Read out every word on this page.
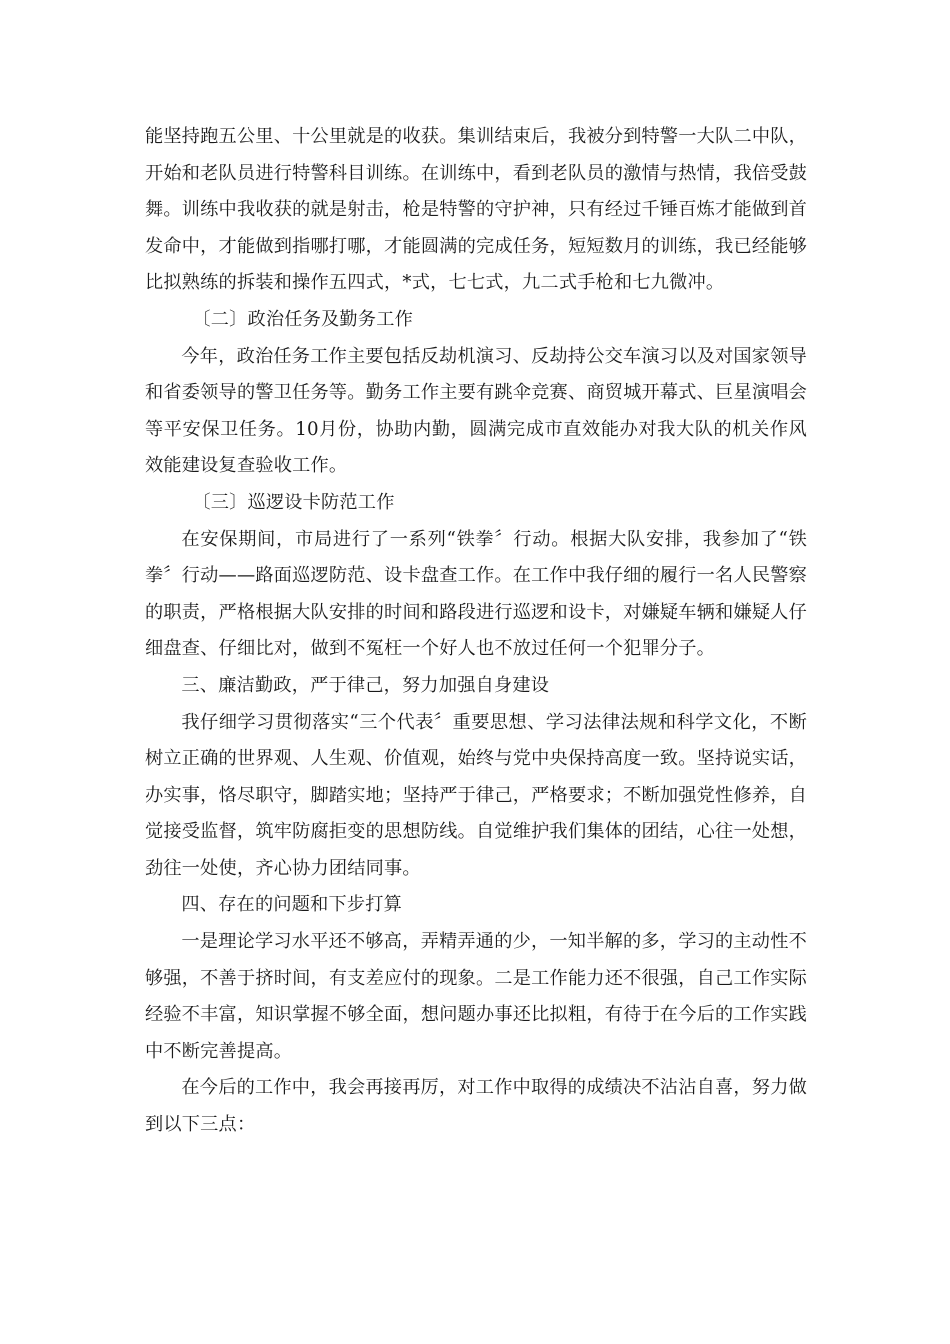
能坚持跑五公里、十公里就是的收获。集训结束后，我被分到特警一大队二中队，开始和老队员进行特警科目训练。在训练中，看到老队员的激情与热情，我倍受鼓舞。训练中我收获的就是射击，枪是特警的守护神，只有经过千锤百炼才能做到首发命中，才能做到指哪打哪，才能圆满的完成任务，短短数月的训练，我已经能够比拟熟练的拆装和操作五四式，*式，七七式，九二式手枪和七九微冲。

〔二〕政治任务及勤务工作

今年，政治任务工作主要包括反劫机演习、反劫持公交车演习以及对国家领导和省委领导的警卫任务等。勤务工作主要有跳伞竞赛、商贸城开幕式、巨星演唱会等平安保卫任务。10月份，协助内勤，圆满完成市直效能办对我大队的机关作风效能建设复查验收工作。

〔三〕巡逻设卡防范工作

在安保期间，市局进行了一系列“铁拳〞行动。根据大队安排，我参加了“铁拳〞行动——路面巡逻防范、设卡盘查工作。在工作中我仔细的履行一名人民警察的职责，严格根据大队安排的时间和路段进行巡逻和设卡，对嫌疑车辆和嫌疑人仔细盘查、仔细比对，做到不冤枉一个好人也不放过任何一个犯罪分子。

三、廉洁勤政，严于律己，努力加强自身建设

我仔细学习贯彻落实“三个代表〞重要思想、学习法律法规和科学文化，不断树立正确的世界观、人生观、价值观，始终与党中央保持高度一致。坚持说实话，办实事，恪尽职守，脚踏实地；坚持严于律己，严格要求；不断加强党性修养，自觉接受监督，筑牢防腐拒变的思想防线。自觉维护我们集体的团结，心往一处想，劲往一处使，齐心协力团结同事。

四、存在的问题和下步打算

一是理论学习水平还不够高，弄精弄通的少，一知半解的多，学习的主动性不够强，不善于挤时间，有支差应付的现象。二是工作能力还不很强，自己工作实际经验不丰富，知识掌握不够全面，想问题办事还比拟粗，有待于在今后的工作实践中不断完善提高。

在今后的工作中，我会再接再厉，对工作中取得的成绩决不沾沾自喜，努力做到以下三点：
